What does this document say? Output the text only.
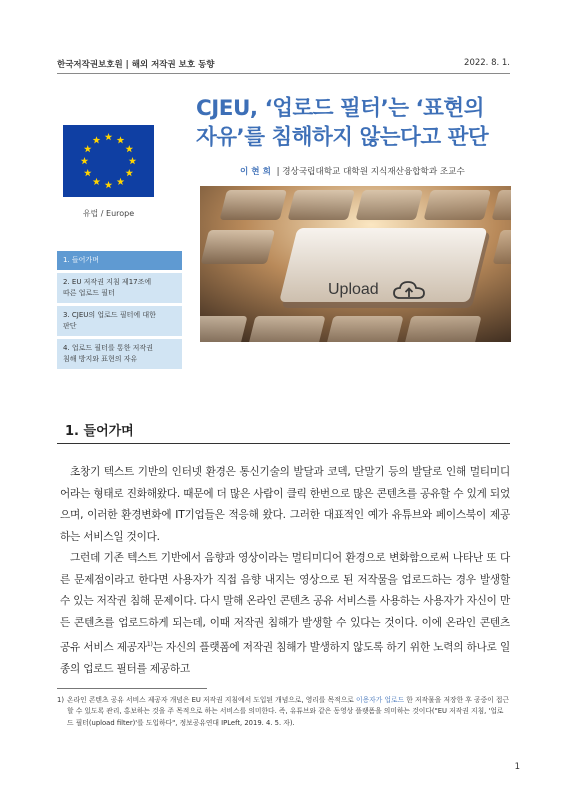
한국저작권보호원 | 해외 저작권 보호 동향	2022. 8. 1.
유럽 / Europe
CJEU, ‘업로드 필터’는 ‘표현의
자유’를 침해하지 않는다고 판단
이 현 희 | 경상국립대학교 대학원 지식재산융합학과 조교수
Upload
1. 들어가며
2. EU 저작권 지침 제17조에
따른 업로드 필터
3. CJEU의 업로드 필터에 대한
판단
4. 업로드 필터를 통한 저작권
침해 방지와 표현의 자유
1. 들어가며

초창기 텍스트 기반의 인터넷 환경은 통신기술의 발달과 코덱, 단말기 등의 발달로 인해 멀티미디어라는 형태로 진화해왔다. 때문에 더 많은 사람이 클릭 한번으로 많은 콘텐츠를 공유할 수 있게 되었으며, 이러한 환경변화에 IT기업들은 적응해 왔다. 그러한 대표적인 예가 유튜브와 페이스북이 제공하는 서비스일 것이다.

그런데 기존 텍스트 기반에서 음향과 영상이라는 멀티미디어 환경으로 변화함으로써 나타난 또 다른 문제점이라고 한다면 사용자가 직접 음향 내지는 영상으로 된 저작물을 업로드하는 경우 발생할 수 있는 저작권 침해 문제이다. 다시 말해 온라인 콘텐츠 공유 서비스를 사용하는 사용자가 자신이 만든 콘텐츠를 업로드하게 되는데, 이때 저작권 침해가 발생할 수 있다는 것이다. 이에 온라인 콘텐츠 공유 서비스 제공자$^{1)}$는 자신의 플랫폼에 저작권 침해가 발생하지 않도록 하기 위한 노력의 하나로 일종의 업로드 필터를 제공하고

1) 온라인 콘텐츠 공유 서비스 제공자 개념은 EU 저작권 지침에서 도입된 개념으로, 영리를 목적으로 이용자가 업로드 한 저작물을 저장한 후 공중이 접근할 수 있도록 관리, 홍보하는 것을 주 목적으로 하는 서비스를 의미한다. 즉, 유튜브와 같은 동영상 플랫폼을 의미하는 것이다("EU 저작권 지침, '업로드 필터(upload filter)'를 도입하다", 정보공유연대 IPLeft, 2019. 4. 5. 자).
1
